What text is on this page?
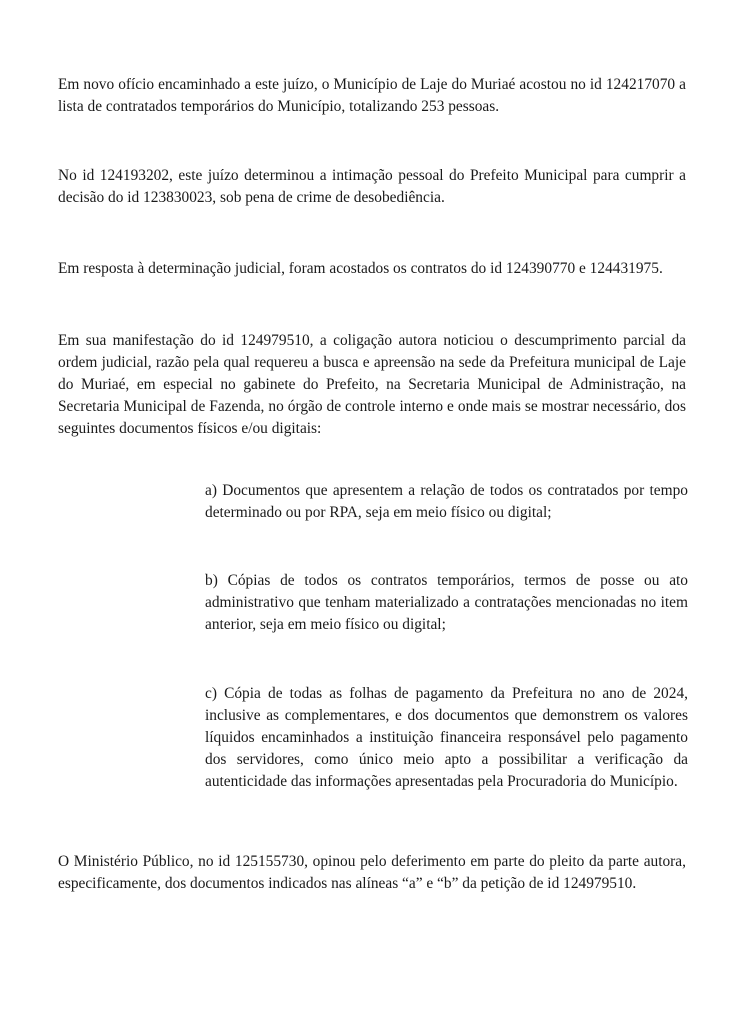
Em novo ofício encaminhado a este juízo, o Município de Laje do Muriaé acostou no id 124217070 a lista de contratados temporários do Município, totalizando 253 pessoas.

No id 124193202, este juízo determinou a intimação pessoal do Prefeito Municipal para cumprir a decisão do id 123830023, sob pena de crime de desobediência.

Em resposta à determinação judicial, foram acostados os contratos do id 124390770 e 124431975.

Em sua manifestação do id 124979510, a coligação autora noticiou o descumprimento parcial da ordem judicial, razão pela qual requereu a busca e apreensão na sede da Prefeitura municipal de Laje do Muriaé, em especial no gabinete do Prefeito, na Secretaria Municipal de Administração, na Secretaria Municipal de Fazenda, no órgão de controle interno e onde mais se mostrar necessário, dos seguintes documentos físicos e/ou digitais:

a) Documentos que apresentem a relação de todos os contratados por tempo determinado ou por RPA, seja em meio físico ou digital;

b) Cópias de todos os contratos temporários, termos de posse ou ato administrativo que tenham materializado a contratações mencionadas no item anterior, seja em meio físico ou digital;

c) Cópia de todas as folhas de pagamento da Prefeitura no ano de 2024, inclusive as complementares, e dos documentos que demonstrem os valores líquidos encaminhados a instituição financeira responsável pelo pagamento dos servidores, como único meio apto a possibilitar a verificação da autenticidade das informações apresentadas pela Procuradoria do Município.

O Ministério Público, no id 125155730, opinou pelo deferimento em parte do pleito da parte autora, especificamente, dos documentos indicados nas alíneas “a” e “b” da petição de id 124979510.
